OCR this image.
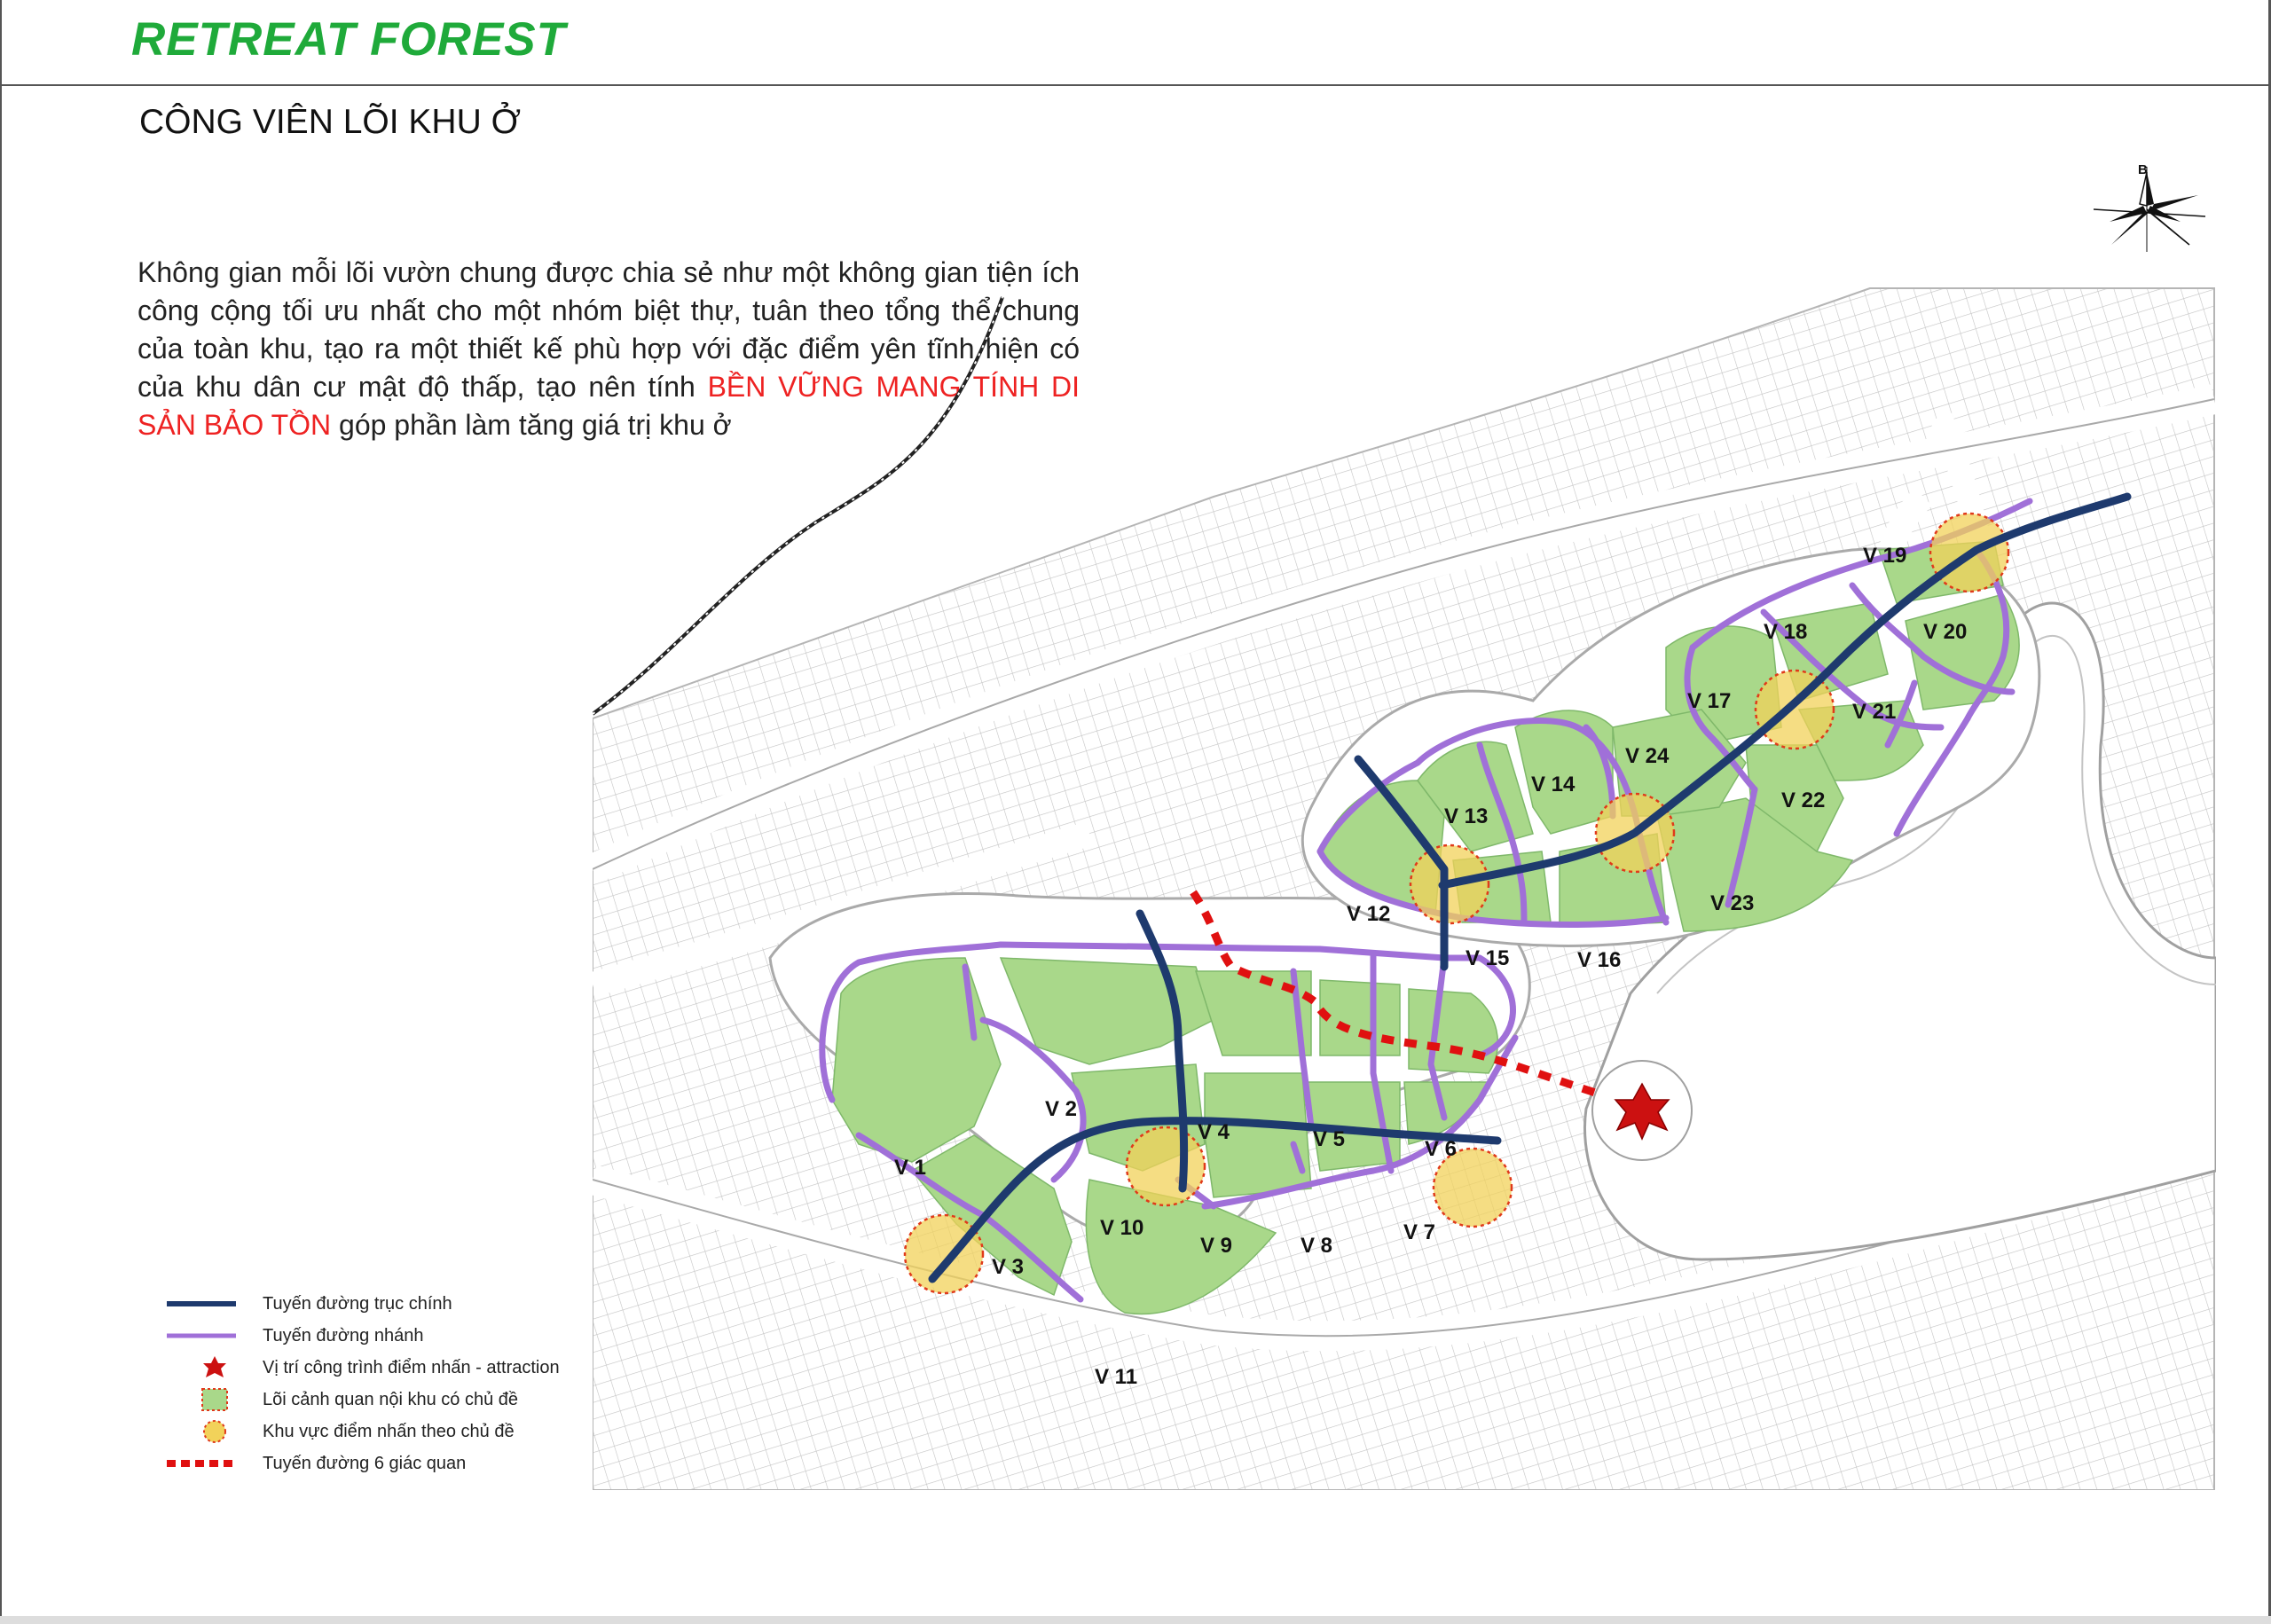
RETREAT FOREST
CÔNG VIÊN LÕI KHU Ở
Không gian mỗi lõi vườn chung được chia sẻ như một không gian tiện ích công cộng tối ưu nhất cho một nhóm biệt thự, tuân theo tổng thể chung của toàn khu, tạo ra một thiết kế phù hợp với đặc điểm yên tĩnh hiện có của khu dân cư mật độ thấp, tạo nên tính BỀN VỮNG MANG TÍNH DI SẢN BẢO TỒN góp phần làm tăng giá trị khu ở
B
V 1
V 2
V 3
V 4	V 5	V 6
V 7
V 8
V 9
V 10
V 11
V 12
V 13
V 14
V 15	V 16
V 17
V 18
V 19
V 20
V 21
V 22
V 23
V 24
Tuyến đường trục chính
Tuyến đường nhánh
Vị trí công trình điểm nhấn - attraction
Lõi cảnh quan nội khu có chủ đề
Khu vực điểm nhấn theo chủ đề
Tuyến đường 6 giác quan
